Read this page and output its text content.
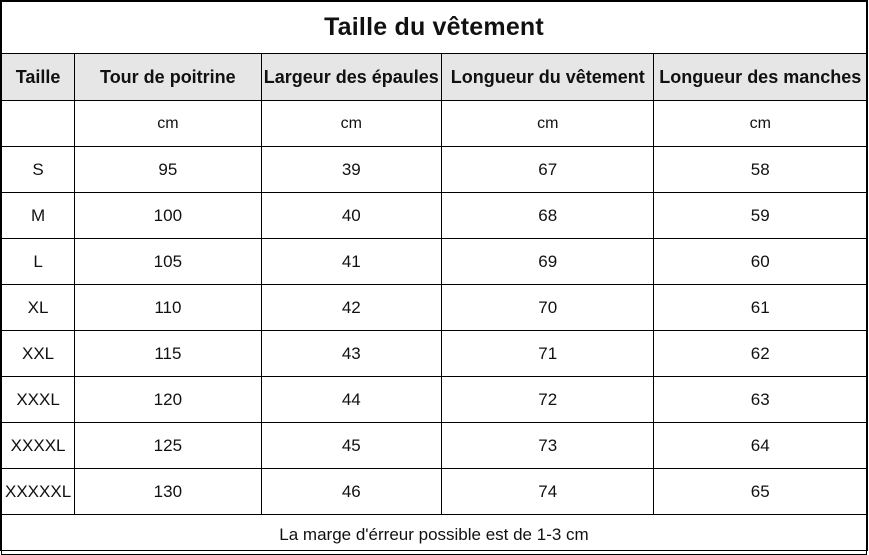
Taille du vêtement				
Taille	Tour de poitrine	Largeur des épaules	Longueur du vêtement	Longueur des manches
	cm	cm	cm	cm
S	95	39	67	58
M	100	40	68	59
L	105	41	69	60
XL	110	42	70	61
XXL	115	43	71	62
XXXL	120	44	72	63
XXXXL	125	45	73	64
XXXXXL	130	46	74	65
La marge d'érreur possible est de 1-3 cm				
